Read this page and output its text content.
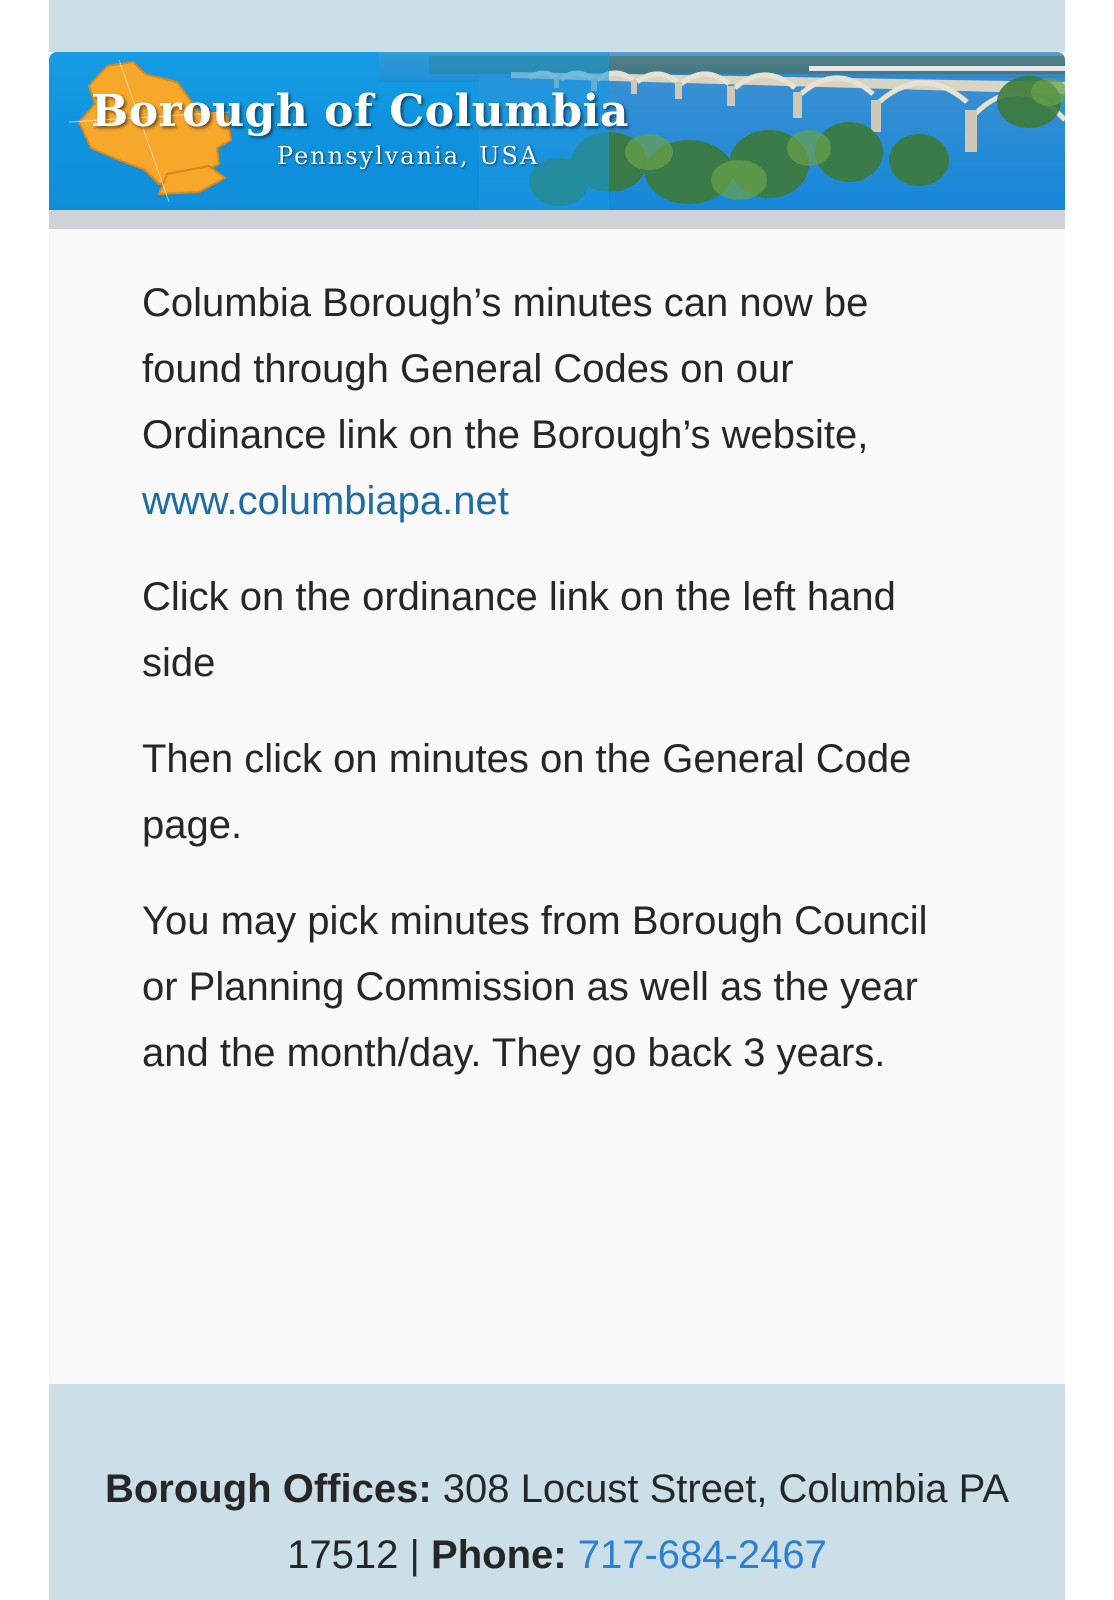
Borough of Columbia
Pennsylvania, USA

Columbia Borough’s minutes can now be found through General Codes on our Ordinance link on the Borough’s website,
www.columbiapa.net

Click on the ordinance link on the left hand side

Then click on minutes on the General Code page.

You may pick minutes from Borough Council or Planning Commission as well as the year and the month/day. They go back 3 years.

Borough Offices: 308 Locust Street, Columbia PA 17512 | Phone: 717-684-2467
